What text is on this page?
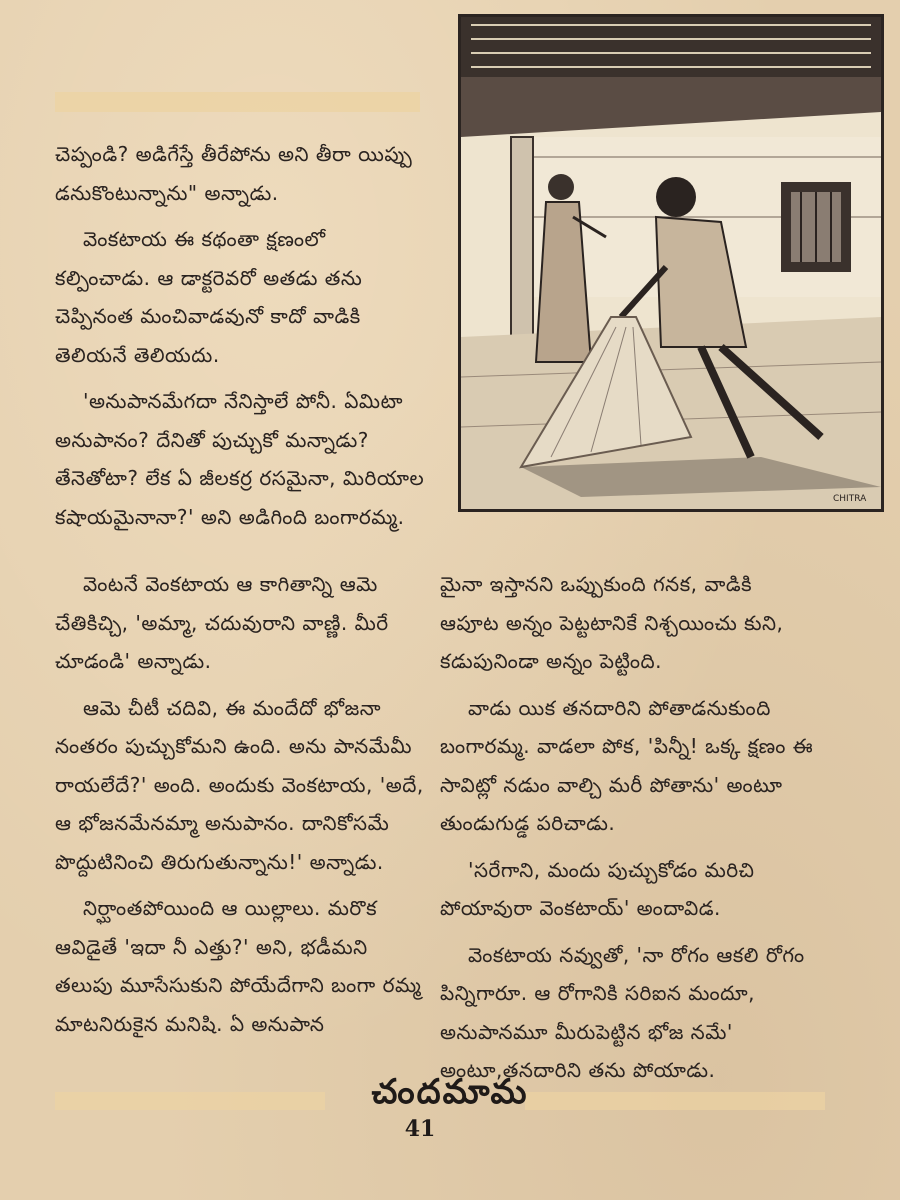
చెప్పండి? అడిగేస్తే తీరేపోను అని తీరా యిప్పు డనుకొంటున్నాను" అన్నాడు.

వెంకటాయ ఈ కథంతా క్షణంలో కల్పించాడు. ఆ డాక్టరెవరో అతడు తను చెప్పినంత మంచివాడవునో కాదో వాడికి తెలియనే తెలియదు.

'అనుపానమేగదా నేనిస్తాలే పోనీ. ఏమిటా అనుపానం? దేనితో పుచ్చుకో మన్నాడు? తేనెతోటా? లేక ఏ జీలకర్ర రసమైనా, మిరియాల కషాయమైనానా?' అని అడిగింది బంగారమ్మ.

CHITRA

వెంటనే వెంకటాయ ఆ కాగితాన్ని ఆమె చేతికిచ్చి, 'అమ్మా, చదువురాని వాణ్ణి. మీరే చూడండి' అన్నాడు.

ఆమె చీటీ చదివి, ఈ మందేదో భోజనా నంతరం పుచ్చుకోమని ఉంది. అను పానమేమీ రాయలేదే?' అంది. అందుకు వెంకటాయ, 'అదే, ఆ భోజనమేనమ్మా అనుపానం. దానికోసమే పొద్దుటినించి తిరుగుతున్నాను!' అన్నాడు.

నిర్ఘాంతపోయింది ఆ యిల్లాలు. మరొక ఆవిడైతే 'ఇదా నీ ఎత్తు?' అని, భడీమని తలుపు మూసేసుకుని పోయేదేగాని బంగా రమ్మ మాటనిరుకైన మనిషి. ఏ అనుపాన

మైనా ఇస్తానని ఒప్పుకుంది గనక, వాడికి ఆపూట అన్నం పెట్టటానికే నిశ్చయించు కుని, కడుపునిండా అన్నం పెట్టింది.

వాడు యిక తనదారిని పోతాడనుకుంది బంగారమ్మ. వాడలా పోక, 'పిన్నీ! ఒక్క క్షణం ఈ సావిట్లో నడుం వాల్చి మరీ పోతాను' అంటూ తుండుగుడ్డ పరిచాడు.

'సరేగాని, మందు పుచ్చుకోడం మరిచి పోయావురా వెంకటాయ్' అందావిడ.

వెంకటాయ నవ్వుతో, 'నా రోగం ఆకలి రోగం పిన్నిగారూ. ఆ రోగానికి సరిఐన మందూ, అనుపానమూ మీరుపెట్టిన భోజ నమే' అంటూ,తనదారిని తను పోయాడు.

చందమామ
41
